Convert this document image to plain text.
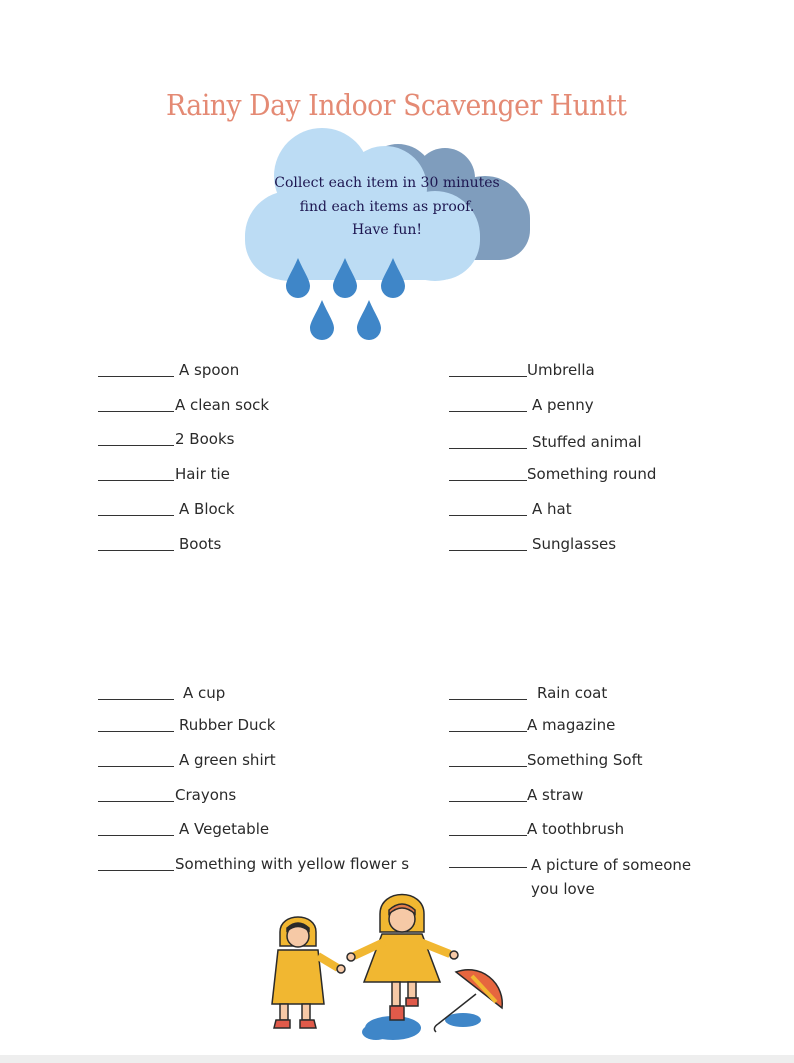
Rainy Day Indoor Scavenger Huntt
Collect each item in 30 minutes
find each items as proof.
Have fun!
A spoon
A clean sock
2 Books
Hair tie
A Block
Boots
Umbrella
A penny
Stuffed animal
Something round
A hat
Sunglasses
A cup
Rubber Duck
A green shirt
Crayons
A Vegetable
Something with yellow flower s
Rain coat
A magazine
Something Soft
A straw
A toothbrush
A picture of someone you love
